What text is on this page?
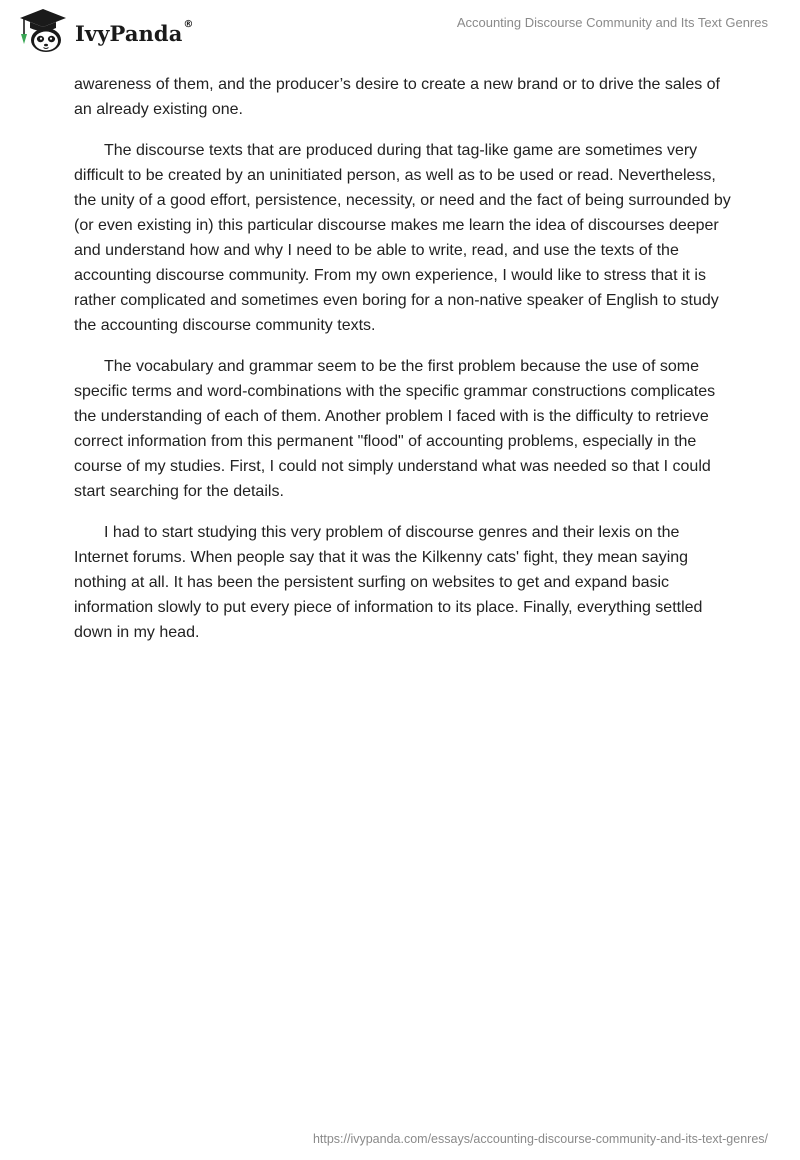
IvyPanda®	Accounting Discourse Community and Its Text Genres

awareness of them, and the producer’s desire to create a new brand or to drive the sales of an already existing one.

The discourse texts that are produced during that tag-like game are sometimes very difficult to be created by an uninitiated person, as well as to be used or read. Nevertheless, the unity of a good effort, persistence, necessity, or need and the fact of being surrounded by (or even existing in) this particular discourse makes me learn the idea of discourses deeper and understand how and why I need to be able to write, read, and use the texts of the accounting discourse community. From my own experience, I would like to stress that it is rather complicated and sometimes even boring for a non-native speaker of English to study the accounting discourse community texts.

The vocabulary and grammar seem to be the first problem because the use of some specific terms and word-combinations with the specific grammar constructions complicates the understanding of each of them. Another problem I faced with is the difficulty to retrieve correct information from this permanent "flood" of accounting problems, especially in the course of my studies. First, I could not simply understand what was needed so that I could start searching for the details.

I had to start studying this very problem of discourse genres and their lexis on the Internet forums. When people say that it was the Kilkenny cats' fight, they mean saying nothing at all. It has been the persistent surfing on websites to get and expand basic information slowly to put every piece of information to its place. Finally, everything settled down in my head.

https://ivypanda.com/essays/accounting-discourse-community-and-its-text-genres/
